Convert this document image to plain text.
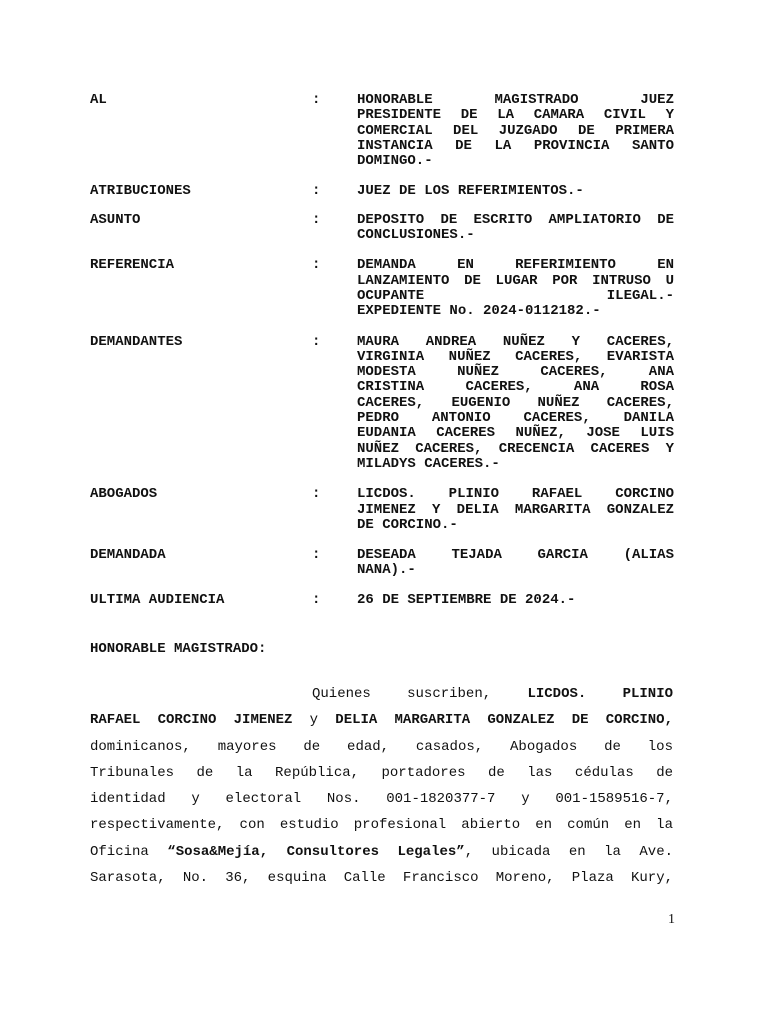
AL	:	HONORABLE MAGISTRADO JUEZ
PRESIDENTE DE LA CAMARA CIVIL Y
COMERCIAL DEL JUZGADO DE PRIMERA
INSTANCIA DE LA PROVINCIA SANTO
DOMINGO.-
ATRIBUCIONES	:	JUEZ DE LOS REFERIMIENTOS.-
ASUNTO	:	DEPOSITO DE ESCRITO AMPLIATORIO DE
CONCLUSIONES.-
REFERENCIA	:	DEMANDA EN REFERIMIENTO EN
LANZAMIENTO DE LUGAR POR INTRUSO U
OCUPANTE ILEGAL.-
EXPEDIENTE No. 2024-0112182.-
DEMANDANTES	:	MAURA ANDREA NUÑEZ Y CACERES,
VIRGINIA NUÑEZ CACERES, EVARISTA
MODESTA NUÑEZ CACERES, ANA
CRISTINA CACERES, ANA ROSA
CACERES, EUGENIO NUÑEZ CACERES,
PEDRO ANTONIO CACERES, DANILA
EUDANIA CACERES NUÑEZ, JOSE LUIS
NUÑEZ CACERES, CRECENCIA CACERES Y
MILADYS CACERES.-
ABOGADOS	:	LICDOS. PLINIO RAFAEL CORCINO
JIMENEZ Y DELIA MARGARITA GONZALEZ
DE CORCINO.-
DEMANDADA	:	DESEADA TEJADA GARCIA (ALIAS
NANA).-
ULTIMA AUDIENCIA	:	26 DE SEPTIEMBRE DE 2024.-
HONORABLE MAGISTRADO:
Quienes suscriben,	LICDOS. PLINIO
RAFAEL CORCINO JIMENEZ y DELIA MARGARITA GONZALEZ DE CORCINO,
dominicanos, mayores de edad, casados, Abogados de los
Tribunales de la República, portadores de las cédulas de
identidad y electoral Nos. 001-1820377-7 y 001-1589516-7,
respectivamente, con estudio profesional abierto en común en la
Oficina “Sosa&Mejía, Consultores Legales”, ubicada en la Ave.
Sarasota, No. 36, esquina Calle Francisco Moreno, Plaza Kury,
1
